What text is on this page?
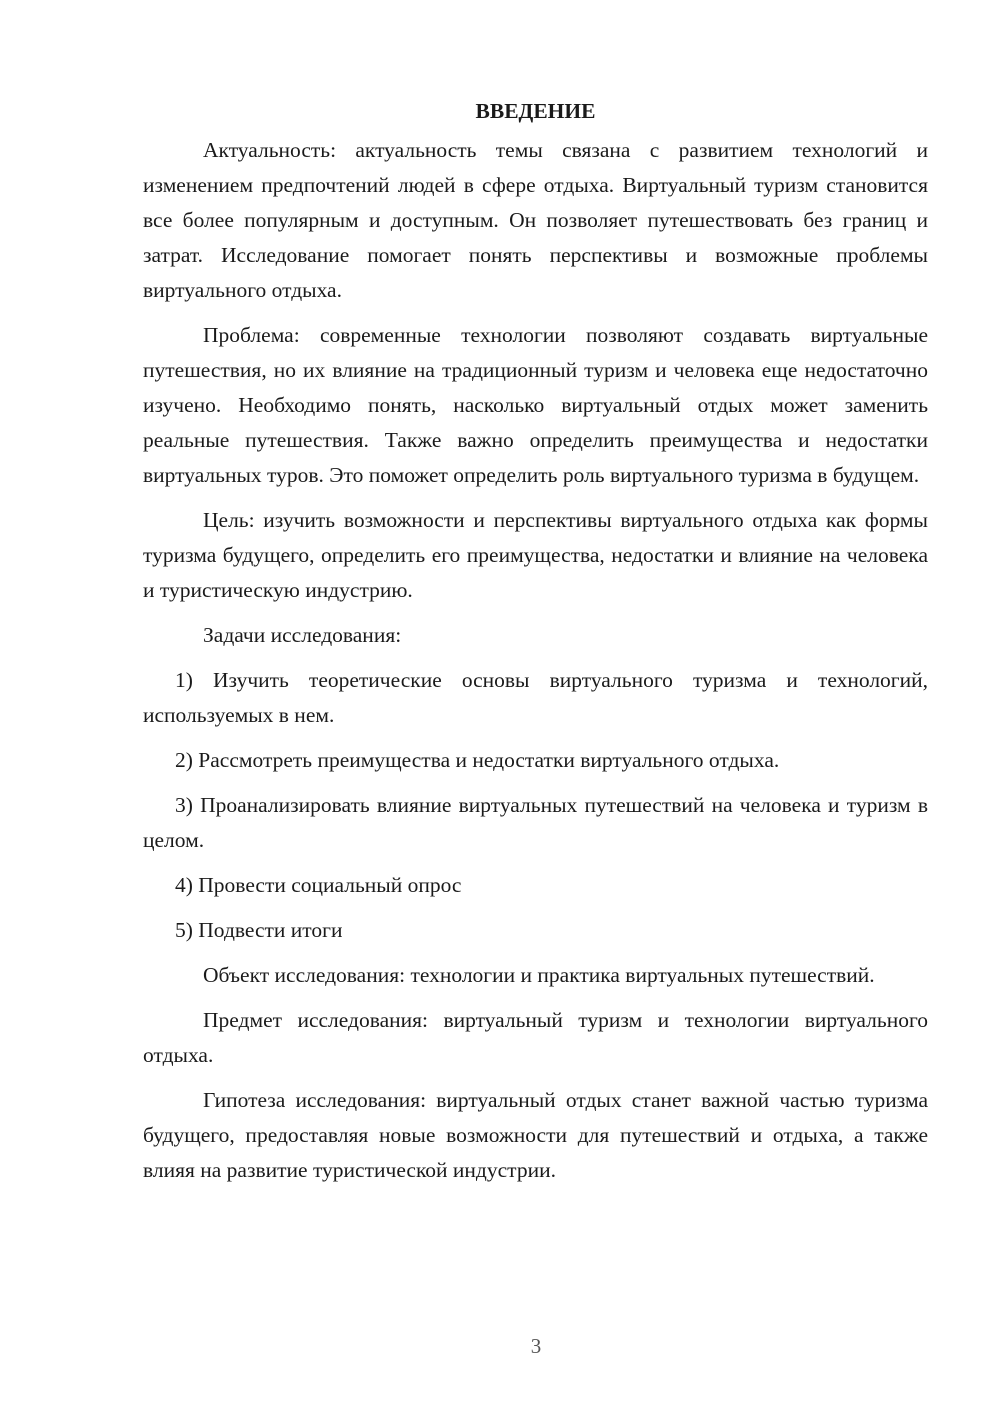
ВВЕДЕНИЕ

Актуальность: актуальность темы связана с развитием технологий и изменением предпочтений людей в сфере отдыха. Виртуальный туризм становится все более популярным и доступным. Он позволяет путешествовать без границ и затрат. Исследование помогает понять перспективы и возможные проблемы виртуального отдыха.

Проблема: современные технологии позволяют создавать виртуальные путешествия, но их влияние на традиционный туризм и человека еще недостаточно изучено. Необходимо понять, насколько виртуальный отдых может заменить реальные путешествия. Также важно определить преимущества и недостатки виртуальных туров. Это поможет определить роль виртуального туризма в будущем.

Цель: изучить возможности и перспективы виртуального отдыха как формы туризма будущего, определить его преимущества, недостатки и влияние на человека и туристическую индустрию.

Задачи исследования:

1) Изучить теоретические основы виртуального туризма и технологий, используемых в нем.

2) Рассмотреть преимущества и недостатки виртуального отдыха.

3) Проанализировать влияние виртуальных путешествий на человека и туризм в целом.

4) Провести социальный опрос

5) Подвести итоги

Объект исследования: технологии и практика виртуальных путешествий.

Предмет исследования: виртуальный туризм и технологии виртуального отдыха.

Гипотеза исследования: виртуальный отдых станет важной частью туризма будущего, предоставляя новые возможности для путешествий и отдыха, а также влияя на развитие туристической индустрии.

3
